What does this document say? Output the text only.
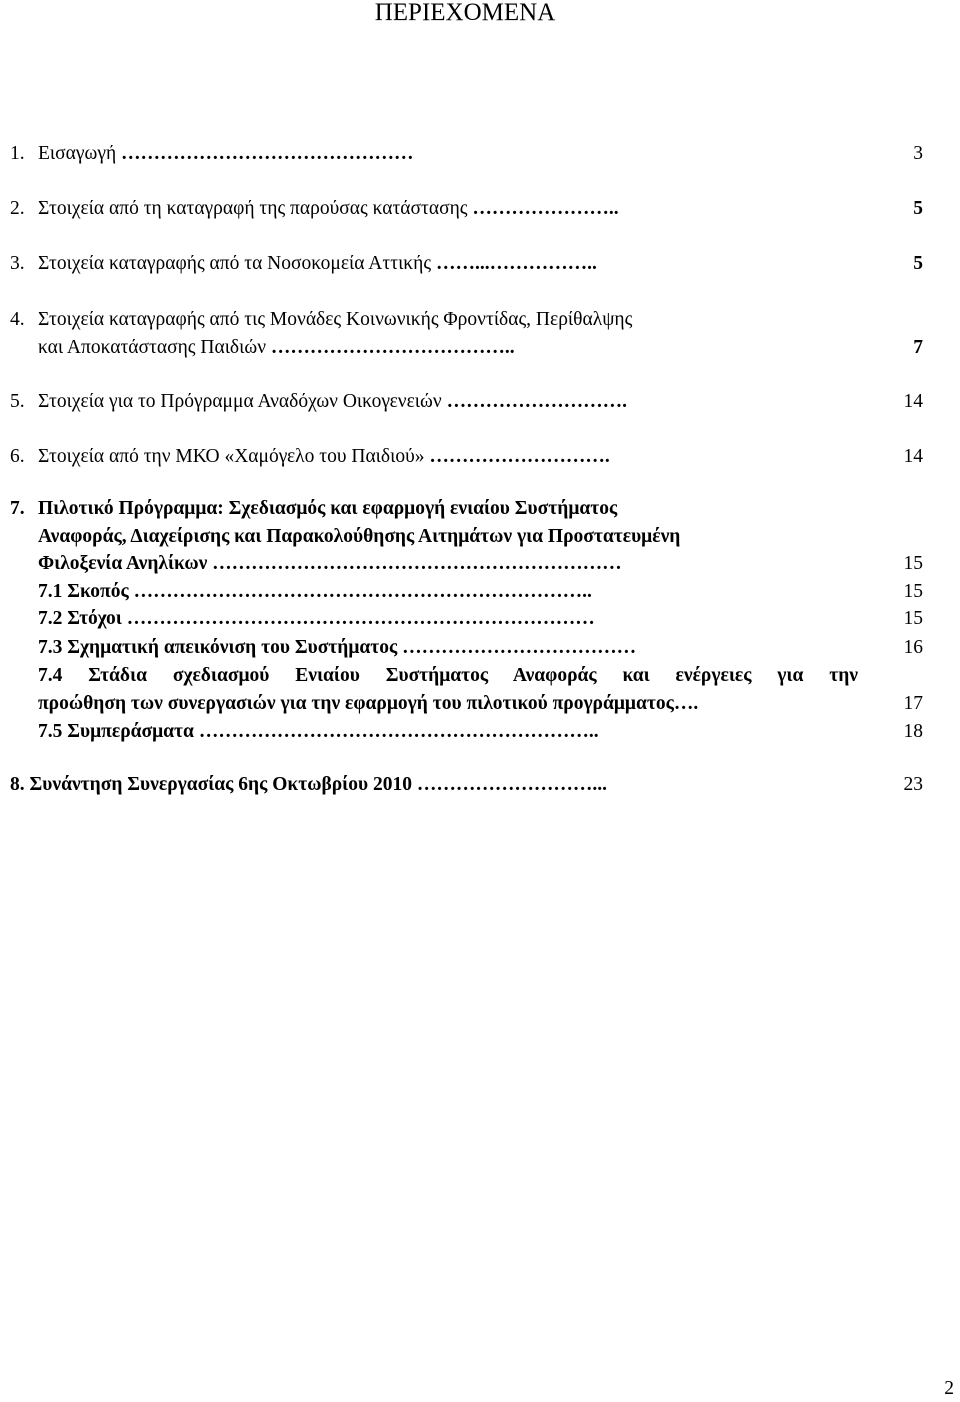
ΠΕΡΙΕΧΟΜΕΝΑ
1. Εισαγωγή ………………………………………	3
2. Στοιχεία από τη καταγραφή της παρούσας κατάστασης …………………..	5
3. Στοιχεία καταγραφής από τα Νοσοκομεία Αττικής ……...……………..	5
4. Στοιχεία καταγραφής από τις Μονάδες Κοινωνικής Φροντίδας, Περίθαλψης
και Αποκατάστασης Παιδιών ………………………………..	7
5. Στοιχεία για το Πρόγραμμα Αναδόχων Οικογενειών ……………………….	14
6. Στοιχεία από την ΜΚΟ «Χαμόγελο του Παιδιού» ……………………….	14
7. Πιλοτικό Πρόγραμμα: Σχεδιασμός και εφαρμογή ενιαίου Συστήματος
Αναφοράς, Διαχείρισης και Παρακολούθησης Αιτημάτων για Προστατευμένη
Φιλοξενία Ανηλίκων ………………………………………………………	15
7.1 Σκοπός ……………………………………………………………..	15
7.2 Στόχοι ………………………………………………………………	15
7.3 Σχηματική απεικόνιση του Συστήματος ………………………………	16
7.4 Στάδια σχεδιασμού Ενιαίου Συστήματος Αναφοράς και ενέργειες για την
προώθηση των συνεργασιών για την εφαρμογή του πιλοτικού προγράμματος….	17
7.5 Συμπεράσματα ……………………………………………………..	18
8. Συνάντηση Συνεργασίας 6ης Οκτωβρίου 2010 ………………………...	23
2
